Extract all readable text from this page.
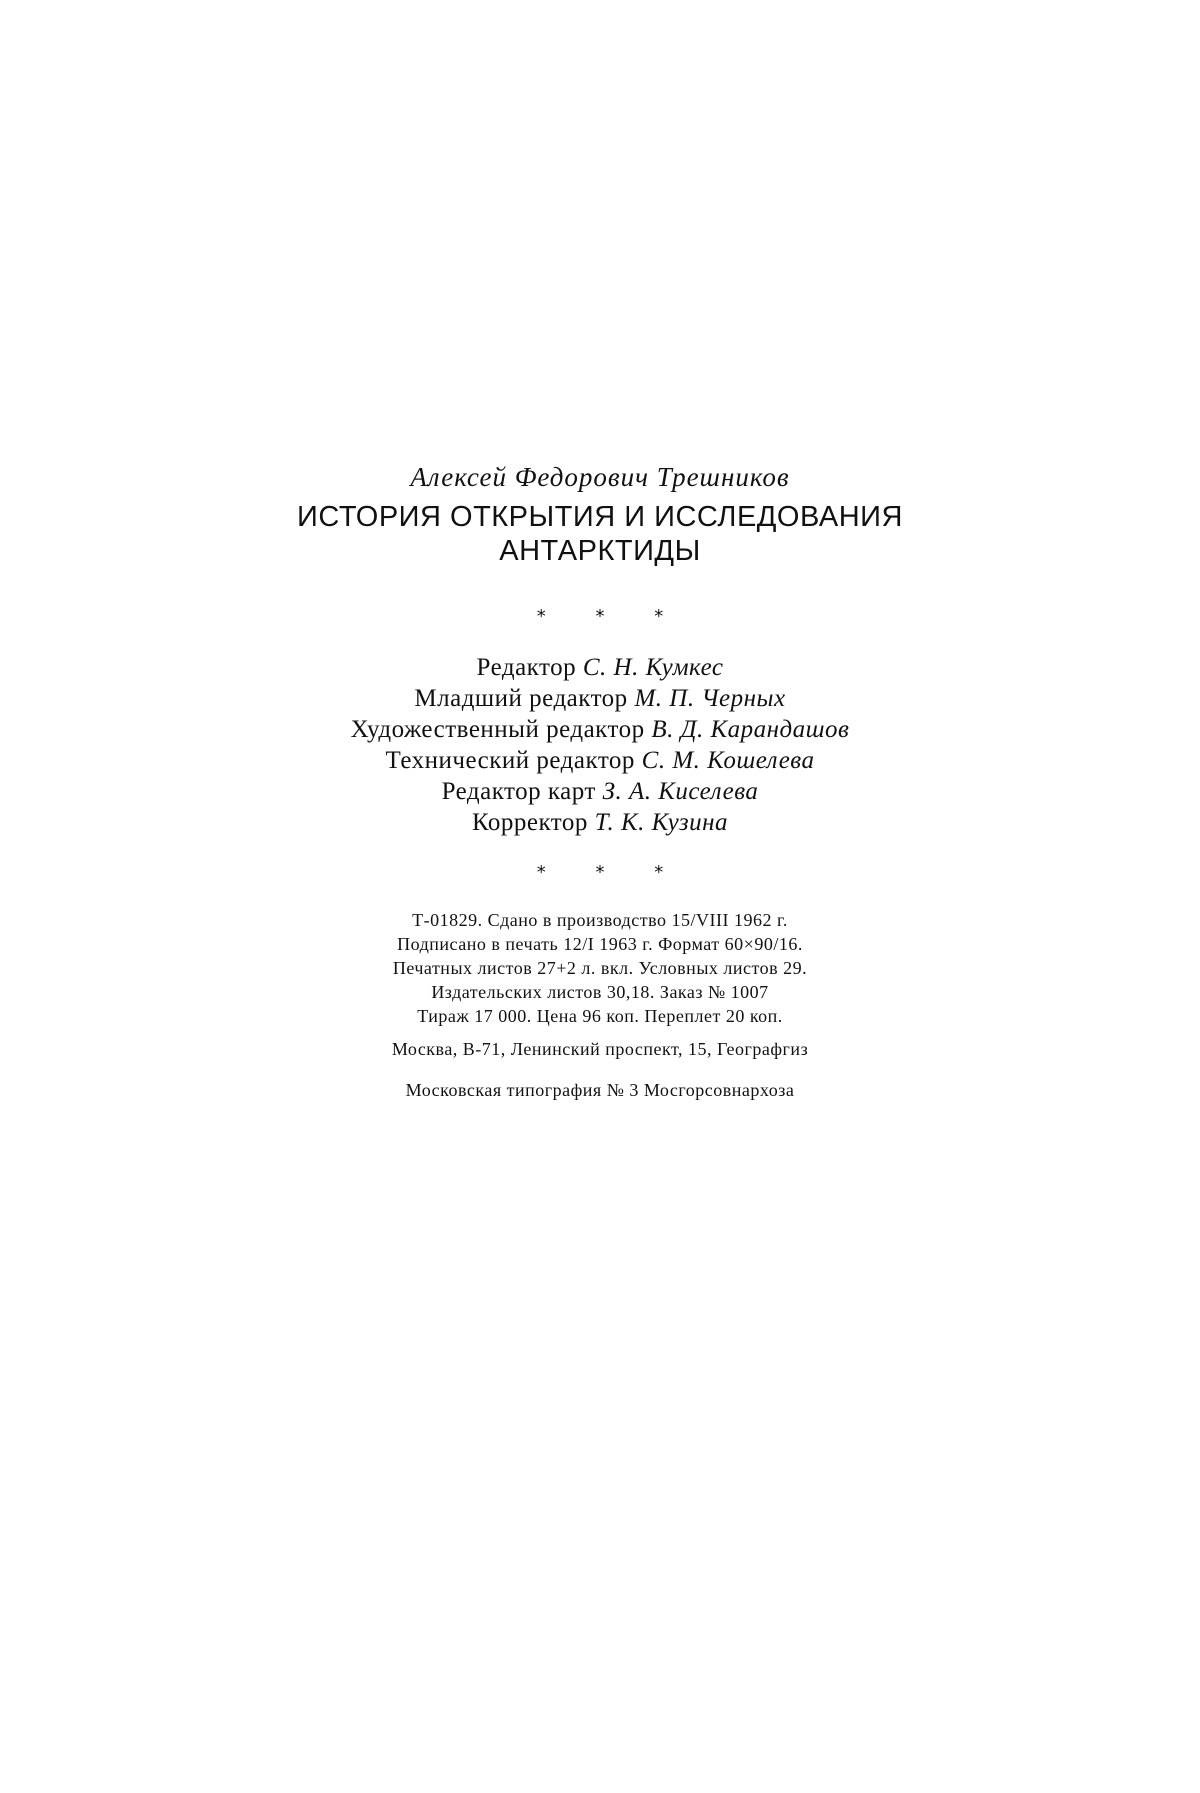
Алексей Федорович Трешников
ИСТОРИЯ ОТКРЫТИЯ И ИССЛЕДОВАНИЯ
АНТАРКТИДЫ
* * *
Редактор С. Н. Кумкес
Младший редактор М. П. Черных
Художественный редактор В. Д. Карандашов
Технический редактор С. М. Кошелева
Редактор карт З. А. Киселева
Корректор Т. К. Кузина
* * *
Т-01829. Сдано в производство 15/VIII 1962 г.
Подписано в печать 12/I 1963 г. Формат 60×90/16.
Печатных листов 27+2 л. вкл. Условных листов 29.
Издательских листов 30,18. Заказ № 1007
Тираж 17 000. Цена 96 коп. Переплет 20 коп.
Москва, В-71, Ленинский проспект, 15, Географгиз
Московская типография № 3 Мосгорсовнархоза
